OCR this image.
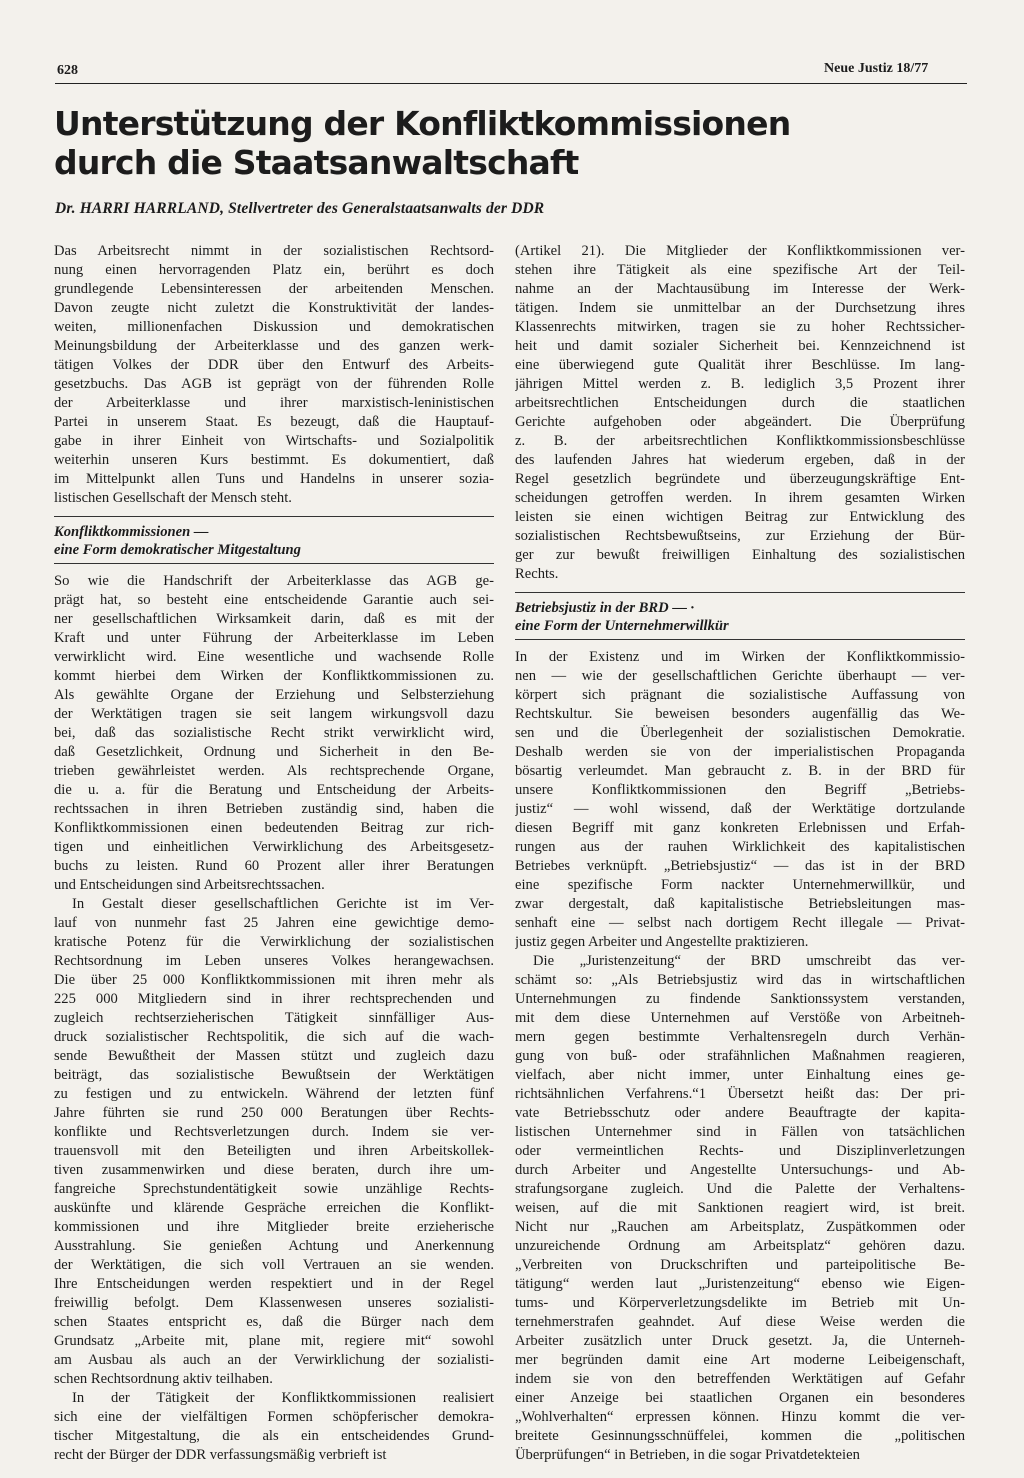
628	Neue Justiz 18/77
Unterstützung der Konfliktkommissionen
durch die Staatsanwaltschaft
Dr. HARRI HARRLAND, Stellvertreter des Generalstaatsanwalts der DDR
Das Arbeitsrecht nimmt in der sozialistischen Rechtsord-
nung einen hervorragenden Platz ein, berührt es doch
grundlegende Lebensinteressen der arbeitenden Menschen.
Davon zeugte nicht zuletzt die Konstruktivität der landes-
weiten, millionenfachen Diskussion und demokratischen
Meinungsbildung der Arbeiterklasse und des ganzen werk-
tätigen Volkes der DDR über den Entwurf des Arbeits-
gesetzbuchs. Das AGB ist geprägt von der führenden Rolle
der Arbeiterklasse und ihrer marxistisch-leninistischen
Partei in unserem Staat. Es bezeugt, daß die Hauptauf-
gabe in ihrer Einheit von Wirtschafts- und Sozialpolitik
weiterhin unseren Kurs bestimmt. Es dokumentiert, daß
im Mittelpunkt allen Tuns und Handelns in unserer sozia-
listischen Gesellschaft der Mensch steht.
Konfliktkommissionen —
eine Form demokratischer Mitgestaltung
So wie die Handschrift der Arbeiterklasse das AGB ge-
prägt hat, so besteht eine entscheidende Garantie auch sei-
ner gesellschaftlichen Wirksamkeit darin, daß es mit der
Kraft und unter Führung der Arbeiterklasse im Leben
verwirklicht wird. Eine wesentliche und wachsende Rolle
kommt hierbei dem Wirken der Konfliktkommissionen zu.
Als gewählte Organe der Erziehung und Selbsterziehung
der Werktätigen tragen sie seit langem wirkungsvoll dazu
bei, daß das sozialistische Recht strikt verwirklicht wird,
daß Gesetzlichkeit, Ordnung und Sicherheit in den Be-
trieben gewährleistet werden. Als rechtsprechende Organe,
die u. a. für die Beratung und Entscheidung der Arbeits-
rechtssachen in ihren Betrieben zuständig sind, haben die
Konfliktkommissionen einen bedeutenden Beitrag zur rich-
tigen und einheitlichen Verwirklichung des Arbeitsgesetz-
buchs zu leisten. Rund 60 Prozent aller ihrer Beratungen
und Entscheidungen sind Arbeitsrechtssachen.
In Gestalt dieser gesellschaftlichen Gerichte ist im Ver-
lauf von nunmehr fast 25 Jahren eine gewichtige demo-
kratische Potenz für die Verwirklichung der sozialistischen
Rechtsordnung im Leben unseres Volkes herangewachsen.
Die über 25 000 Konfliktkommissionen mit ihren mehr als
225 000 Mitgliedern sind in ihrer rechtsprechenden und
zugleich rechtserzieherischen Tätigkeit sinnfälliger Aus-
druck sozialistischer Rechtspolitik, die sich auf die wach-
sende Bewußtheit der Massen stützt und zugleich dazu
beiträgt, das sozialistische Bewußtsein der Werktätigen
zu festigen und zu entwickeln. Während der letzten fünf
Jahre führten sie rund 250 000 Beratungen über Rechts-
konflikte und Rechtsverletzungen durch. Indem sie ver-
trauensvoll mit den Beteiligten und ihren Arbeitskollek-
tiven zusammenwirken und diese beraten, durch ihre um-
fangreiche Sprechstundentätigkeit sowie unzählige Rechts-
auskünfte und klärende Gespräche erreichen die Konflikt-
kommissionen und ihre Mitglieder breite erzieherische
Ausstrahlung. Sie genießen Achtung und Anerkennung
der Werktätigen, die sich voll Vertrauen an sie wenden.
Ihre Entscheidungen werden respektiert und in der Regel
freiwillig befolgt. Dem Klassenwesen unseres sozialisti-
schen Staates entspricht es, daß die Bürger nach dem
Grundsatz „Arbeite mit, plane mit, regiere mit“ sowohl
am Ausbau als auch an der Verwirklichung der sozialisti-
schen Rechtsordnung aktiv teilhaben.
In der Tätigkeit der Konfliktkommissionen realisiert
sich eine der vielfältigen Formen schöpferischer demokra-
tischer Mitgestaltung, die als ein entscheidendes Grund-
recht der Bürger der DDR verfassungsmäßig verbrieft ist
(Artikel 21). Die Mitglieder der Konfliktkommissionen ver-
stehen ihre Tätigkeit als eine spezifische Art der Teil-
nahme an der Machtausübung im Interesse der Werk-
tätigen. Indem sie unmittelbar an der Durchsetzung ihres
Klassenrechts mitwirken, tragen sie zu hoher Rechtssicher-
heit und damit sozialer Sicherheit bei. Kennzeichnend ist
eine überwiegend gute Qualität ihrer Beschlüsse. Im lang-
jährigen Mittel werden z. B. lediglich 3,5 Prozent ihrer
arbeitsrechtlichen Entscheidungen durch die staatlichen
Gerichte aufgehoben oder abgeändert. Die Überprüfung
z. B. der arbeitsrechtlichen Konfliktkommissionsbeschlüsse
des laufenden Jahres hat wiederum ergeben, daß in der
Regel gesetzlich begründete und überzeugungskräftige Ent-
scheidungen getroffen werden. In ihrem gesamten Wirken
leisten sie einen wichtigen Beitrag zur Entwicklung des
sozialistischen Rechtsbewußtseins, zur Erziehung der Bür-
ger zur bewußt freiwilligen Einhaltung des sozialistischen
Rechts.
Betriebsjustiz in der BRD — ·
eine Form der Unternehmerwillkür
In der Existenz und im Wirken der Konfliktkommissio-
nen — wie der gesellschaftlichen Gerichte überhaupt — ver-
körpert sich prägnant die sozialistische Auffassung von
Rechtskultur. Sie beweisen besonders augenfällig das We-
sen und die Überlegenheit der sozialistischen Demokratie.
Deshalb werden sie von der imperialistischen Propaganda
bösartig verleumdet. Man gebraucht z. B. in der BRD für
unsere Konfliktkommissionen den Begriff „Betriebs-
justiz“ — wohl wissend, daß der Werktätige dortzulande
diesen Begriff mit ganz konkreten Erlebnissen und Erfah-
rungen aus der rauhen Wirklichkeit des kapitalistischen
Betriebes verknüpft. „Betriebsjustiz“ — das ist in der BRD
eine spezifische Form nackter Unternehmerwillkür, und
zwar dergestalt, daß kapitalistische Betriebsleitungen mas-
senhaft eine — selbst nach dortigem Recht illegale — Privat-
justiz gegen Arbeiter und Angestellte praktizieren.
Die „Juristenzeitung“ der BRD umschreibt das ver-
schämt so: „Als Betriebsjustiz wird das in wirtschaftlichen
Unternehmungen zu findende Sanktionssystem verstanden,
mit dem diese Unternehmen auf Verstöße von Arbeitneh-
mern gegen bestimmte Verhaltensregeln durch Verhän-
gung von buß- oder strafähnlichen Maßnahmen reagieren,
vielfach, aber nicht immer, unter Einhaltung eines ge-
richtsähnlichen Verfahrens.“1 Übersetzt heißt das: Der pri-
vate Betriebsschutz oder andere Beauftragte der kapita-
listischen Unternehmer sind in Fällen von tatsächlichen
oder vermeintlichen Rechts- und Disziplinverletzungen
durch Arbeiter und Angestellte Untersuchungs- und Ab-
strafungsorgane zugleich. Und die Palette der Verhaltens-
weisen, auf die mit Sanktionen reagiert wird, ist breit.
Nicht nur „Rauchen am Arbeitsplatz, Zuspätkommen oder
unzureichende Ordnung am Arbeitsplatz“ gehören dazu.
„Verbreiten von Druckschriften und parteipolitische Be-
tätigung“ werden laut „Juristenzeitung“ ebenso wie Eigen-
tums- und Körperverletzungsdelikte im Betrieb mit Un-
ternehmerstrafen geahndet. Auf diese Weise werden die
Arbeiter zusätzlich unter Druck gesetzt. Ja, die Unterneh-
mer begründen damit eine Art moderne Leibeigenschaft,
indem sie von den betreffenden Werktätigen auf Gefahr
einer Anzeige bei staatlichen Organen ein besonderes
„Wohlverhalten“ erpressen können. Hinzu kommt die ver-
breitete Gesinnungsschnüffelei, kommen die „politischen
Überprüfungen“ in Betrieben, in die sogar Privatdetekteien
